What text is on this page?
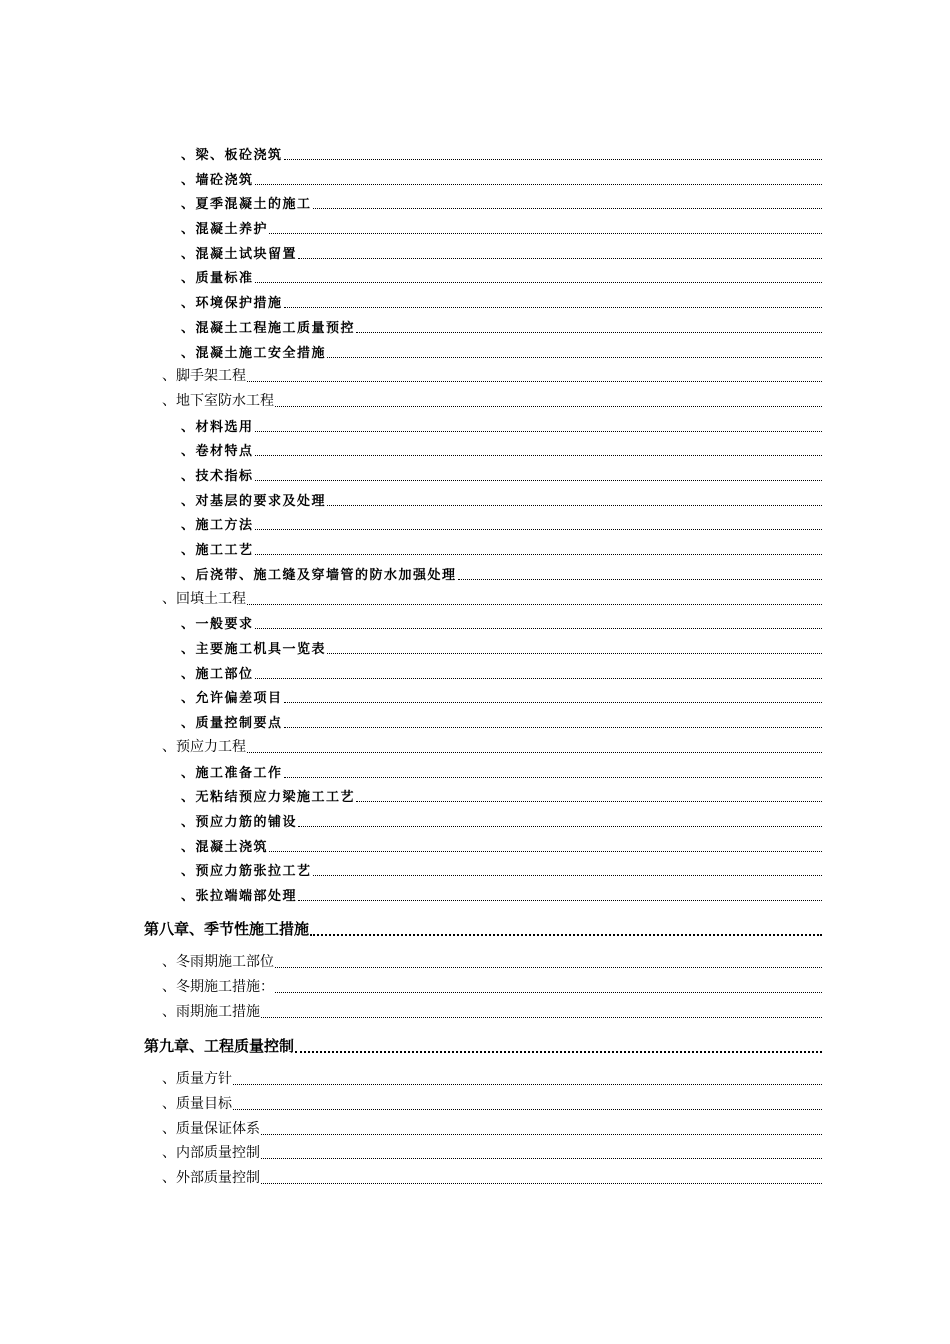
、梁、板砼浇筑
、墙砼浇筑
、夏季混凝土的施工
、混凝土养护
、混凝土试块留置
、质量标准
、环境保护措施
、混凝土工程施工质量预控
、混凝土施工安全措施
、脚手架工程
、地下室防水工程
、材料选用
、卷材特点
、技术指标
、对基层的要求及处理
、施工方法
、施工工艺
、后浇带、施工缝及穿墙管的防水加强处理
、回填土工程
、一般要求
、主要施工机具一览表
、施工部位
、允许偏差项目
、质量控制要点
、预应力工程
、施工准备工作
、无粘结预应力梁施工工艺
、预应力筋的铺设
、混凝土浇筑
、预应力筋张拉工艺
、张拉端端部处理
第八章、季节性施工措施
、冬雨期施工部位
、冬期施工措施：
、雨期施工措施
第九章、工程质量控制
、质量方针
、质量目标
、质量保证体系
、内部质量控制
、外部质量控制
